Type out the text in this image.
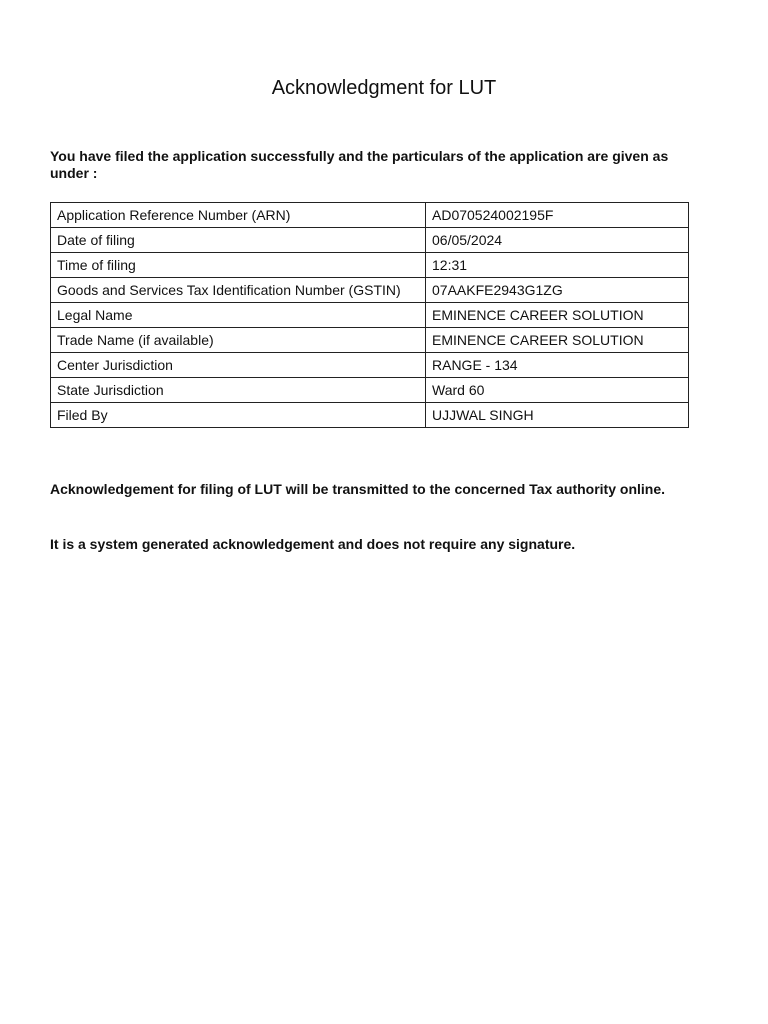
Acknowledgment for LUT

You have filed the application successfully and the particulars of the application are given as under :

Application Reference Number (ARN)	AD070524002195F
Date of filing	06/05/2024
Time of filing	12:31
Goods and Services Tax Identification Number (GSTIN)	07AAKFE2943G1ZG
Legal Name	EMINENCE CAREER SOLUTION
Trade Name (if available)	EMINENCE CAREER SOLUTION
Center Jurisdiction	RANGE - 134
State Jurisdiction	Ward 60
Filed By	UJJWAL SINGH

Acknowledgement for filing of LUT will be transmitted to the concerned Tax authority online.

It is a system generated acknowledgement and does not require any signature.
